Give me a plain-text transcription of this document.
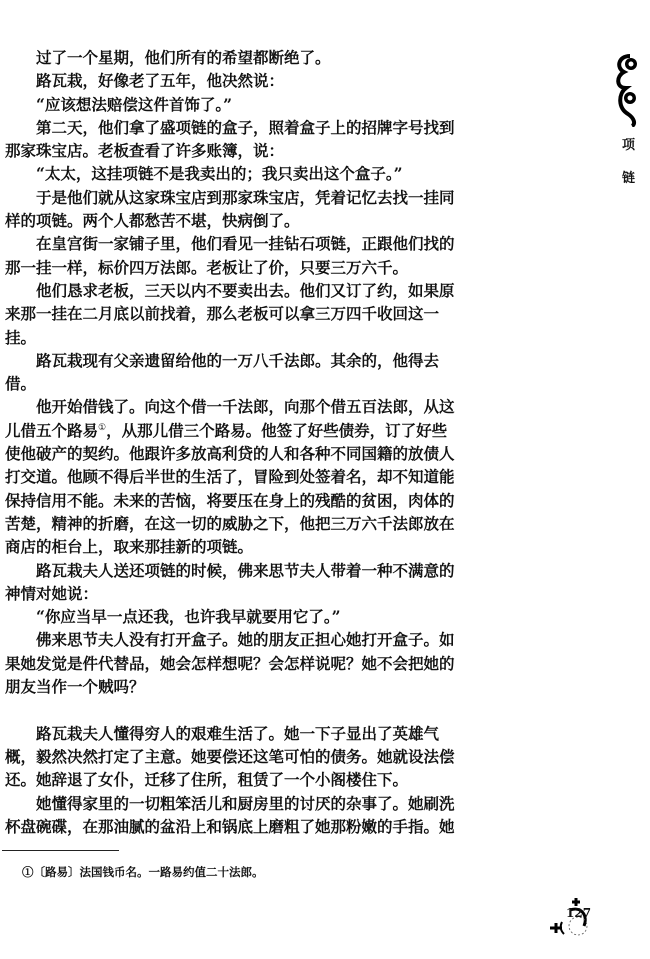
过了一个星期，他们所有的希望都断绝了。
路瓦栽，好像老了五年，他决然说：
“应该想法赔偿这件首饰了。”
第二天，他们拿了盛项链的盒子，照着盒子上的招牌字号找到
那家珠宝店。老板查看了许多账簿，说：
“太太，这挂项链不是我卖出的；我只卖出这个盒子。”
于是他们就从这家珠宝店到那家珠宝店，凭着记忆去找一挂同
样的项链。两个人都愁苦不堪，快病倒了。
在皇宫街一家铺子里，他们看见一挂钻石项链，正跟他们找的
那一挂一样，标价四万法郎。老板让了价，只要三万六千。
他们恳求老板，三天以内不要卖出去。他们又订了约，如果原
来那一挂在二月底以前找着，那么老板可以拿三万四千收回这一
挂。
路瓦栽现有父亲遗留给他的一万八千法郎。其余的，他得去
借。
他开始借钱了。向这个借一千法郎，向那个借五百法郎，从这
儿借五个路易①，从那儿借三个路易。他签了好些债券，订了好些
使他破产的契约。他跟许多放高利贷的人和各种不同国籍的放债人
打交道。他顾不得后半世的生活了，冒险到处签着名，却不知道能
保持信用不能。未来的苦恼，将要压在身上的残酷的贫困，肉体的
苦楚，精神的折磨，在这一切的威胁之下，他把三万六千法郎放在
商店的柜台上，取来那挂新的项链。
路瓦栽夫人送还项链的时候，佛来思节夫人带着一种不满意的
神情对她说：
“你应当早一点还我，也许我早就要用它了。”
佛来思节夫人没有打开盒子。她的朋友正担心她打开盒子。如
果她发觉是件代替品，她会怎样想呢？会怎样说呢？她不会把她的
朋友当作一个贼吗？
路瓦栽夫人懂得穷人的艰难生活了。她一下子显出了英雄气
概，毅然决然打定了主意。她要偿还这笔可怕的债务。她就设法偿
还。她辞退了女仆，迁移了住所，租赁了一个小阁楼住下。
她懂得家里的一切粗笨活儿和厨房里的讨厌的杂事了。她刷洗
杯盘碗碟，在那油腻的盆沿上和锅底上磨粗了她那粉嫩的手指。她
项
链
①〔路易〕法国钱币名。一路易约值二十法郎。
127
